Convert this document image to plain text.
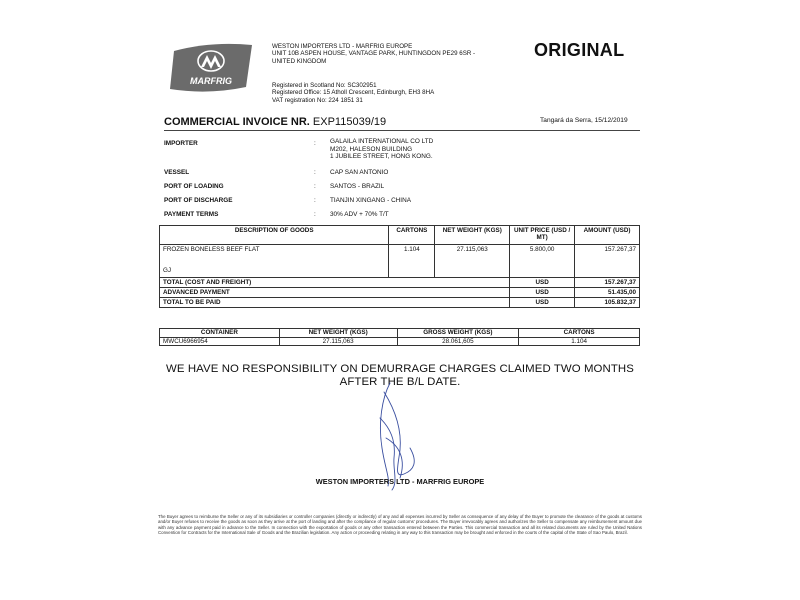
MARFRIG
WESTON IMPORTERS LTD - MARFRIG EUROPE
UNIT 10B ASPEN HOUSE, VANTAGE PARK, HUNTINGDON PE29 6SR -
UNITED KINGDOM
Registered in Scotland No: SC302951
Registered Office: 15 Atholl Crescent, Edinburgh, EH3 8HA
VAT registration No: 224 1851 31
ORIGINAL
COMMERCIAL INVOICE NR. EXP115039/19	Tangará da Serra, 15/12/2019
IMPORTER	: GALAILA INTERNATIONAL CO LTD
M202, HALESON BUILDING
1 JUBILEE STREET, HONG KONG.
VESSEL	: CAP SAN ANTONIO
PORT OF LOADING	: SANTOS - BRAZIL
PORT OF DISCHARGE	: TIANJIN XINGANG - CHINA
PAYMENT TERMS	: 30% ADV + 70% T/T
DESCRIPTION OF GOODS	CARTONS	NET WEIGHT (KGS)	UNIT PRICE (USD / MT)	AMOUNT (USD)

FROZEN BONELESS BEEF FLAT
GJ	1.104	27.115,063	5.800,00	157.267,37
TOTAL (COST AND FREIGHT)			USD	157.267,37
ADVANCED PAYMENT			USD	51.435,00
TOTAL TO BE PAID			USD	105.832,37
CONTAINER	NET WEIGHT (KGS)	GROSS WEIGHT (KGS)	CARTONS
MWCU6966954	27.115,063	28.061,605	1.104
WE HAVE NO RESPONSIBILITY ON DEMURRAGE CHARGES CLAIMED TWO MONTHS AFTER THE B/L DATE.
WESTON IMPORTERS LTD - MARFRIG EUROPE
The Buyer agrees to reimburse the Seller or any of its subsidiaries or controller companies (directly or indirectly) of any and all expenses incurred by Seller as consequence of any delay of the Buyer to promote the clearance of the goods at customs and/or Buyer refuses to receive the goods as soon as they arrive at the port of landing and after the compliance of regular customs' procedures. The Buyer irrevocably agrees and authorizes the Seller to compensate any reimbursement amount due with any advance payment paid in advance to the Seller. In connection with the exportation of goods or any other transaction entered between the Parties. This commercial transaction and all its related documents are ruled by the United Nations Convention for Contracts for the International Sale of Goods and the Brazilian legislation. Any action or proceeding relating in any way to this transaction may be brought and enforced in the courts of the capital of the State of Sao Paulo, Brazil.
